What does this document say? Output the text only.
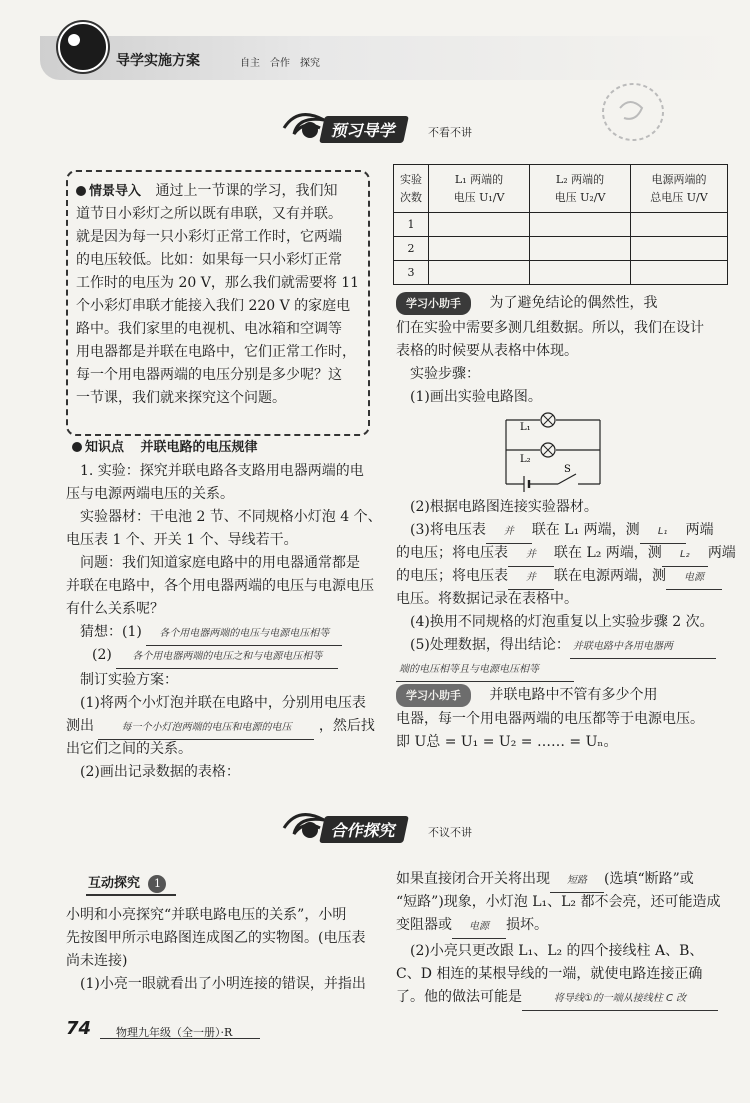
导学实施方案	自主　合作　探究
预习导学	不看不讲
情景导入 通过上一节课的学习，我们知
道节日小彩灯之所以既有串联，又有并联。
就是因为每一只小彩灯正常工作时，它两端
的电压较低。比如：如果每一只小彩灯正常
工作时的电压为 20 V，那么我们就需要将 11
个小彩灯串联才能接入我们 220 V 的家庭电
路中。我们家里的电视机、电冰箱和空调等
用电器都是并联在电路中，它们正常工作时，
每一个用电器两端的电压分别是多少呢？这
一节课，我们就来探究这个问题。
知识点 并联电路的电压规律
1. 实验：探究并联电路各支路用电器两端的电
压与电源两端电压的关系。
实验器材：干电池 2 节、不同规格小灯泡 4 个、
电压表 1 个、开关 1 个、导线若干。
问题：我们知道家庭电路中的用电器通常都是
并联在电路中，各个用电器两端的电压与电源电压
有什么关系呢？
猜想：(1) 各个用电器两端的电压与电源电压相等
(2) 各个用电器两端的电压之和与电源电压相等
制订实验方案：
(1)将两个小灯泡并联在电路中，分别用电压表
测出	每一个小灯泡两端的电压和电源的电压 ，然后找
出它们之间的关系。
(2)画出记录数据的表格：
实验
次数	L₁ 两端的
电压 U₁/V	L₂ 两端的
电压 U₂/V	电源两端的
总电压 U/V
1			
2			
3			
学习小助手 为了避免结论的偶然性，我
们在实验中需要多测几组数据。所以，我们在设计
表格的时候要从表格中体现。
实验步骤：
(1)画出实验电路图。
L₁
L₂
S
(2)根据电路图连接实验器材。
(3)将电压表 并 联在 L₁ 两端，测 L₁ 两端
的电压；将电压表 并 联在 L₂ 两端，测 L₂ 两端
的电压；将电压表 并 联在电源两端，测 电源
电压。将数据记录在表格中。
(4)换用不同规格的灯泡重复以上实验步骤 2 次。
(5)处理数据，得出结论： 并联电路中各用电器两
端的电压相等且与电源电压相等
学习小助手 并联电路中不管有多少个用
电器，每一个用电器两端的电压都等于电源电压。
即 U总 = U₁ = U₂ = …… = Uₙ。
合作探究	不议不讲
互动探究 1
小明和小亮探究“并联电路电压的关系”，小明
先按图甲所示电路图连成图乙的实物图。(电压表
尚未连接)
(1)小亮一眼就看出了小明连接的错误，并指出
如果直接闭合开关将出现 短路 (选填“断路”或
“短路”)现象，小灯泡 L₁、L₂ 都不会亮，还可能造成
变阻器或 电源 损坏。
(2)小亮只更改跟 L₁、L₂ 的四个接线柱 A、B、
C、D 相连的某根导线的一端，就使电路连接正确
了。他的做法可能是	将导线①的一端从接线柱 C 改
74 物理九年级（全一册）·R
